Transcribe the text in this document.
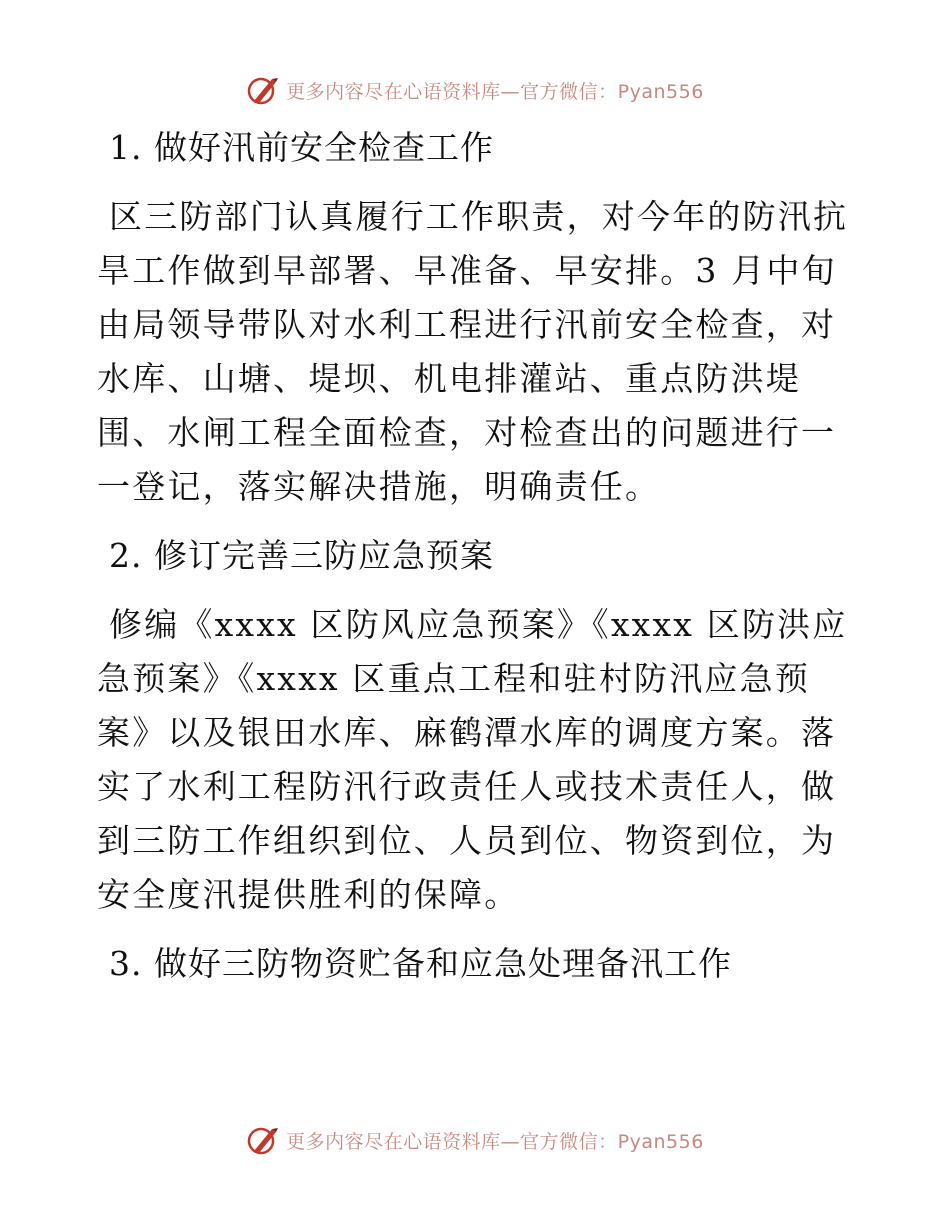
更多内容尽在心语资料库—官方微信：Pyan556
1. 做好汛前安全检查工作

区三防部门认真履行工作职责，对今年的防汛抗旱工作做到早部署、早准备、早安排。3 月中旬由局领导带队对水利工程进行汛前安全检查，对水库、山塘、堤坝、机电排灌站、重点防洪堤围、水闸工程全面检查，对检查出的问题进行一一登记，落实解决措施，明确责任。

2. 修订完善三防应急预案

修编《xxxx 区防风应急预案》《xxxx 区防洪应急预案》《xxxx 区重点工程和驻村防汛应急预案》以及银田水库、麻鹤潭水库的调度方案。落实了水利工程防汛行政责任人或技术责任人，做到三防工作组织到位、人员到位、物资到位，为安全度汛提供胜利的保障。

3. 做好三防物资贮备和应急处理备汛工作
更多内容尽在心语资料库—官方微信：Pyan556
